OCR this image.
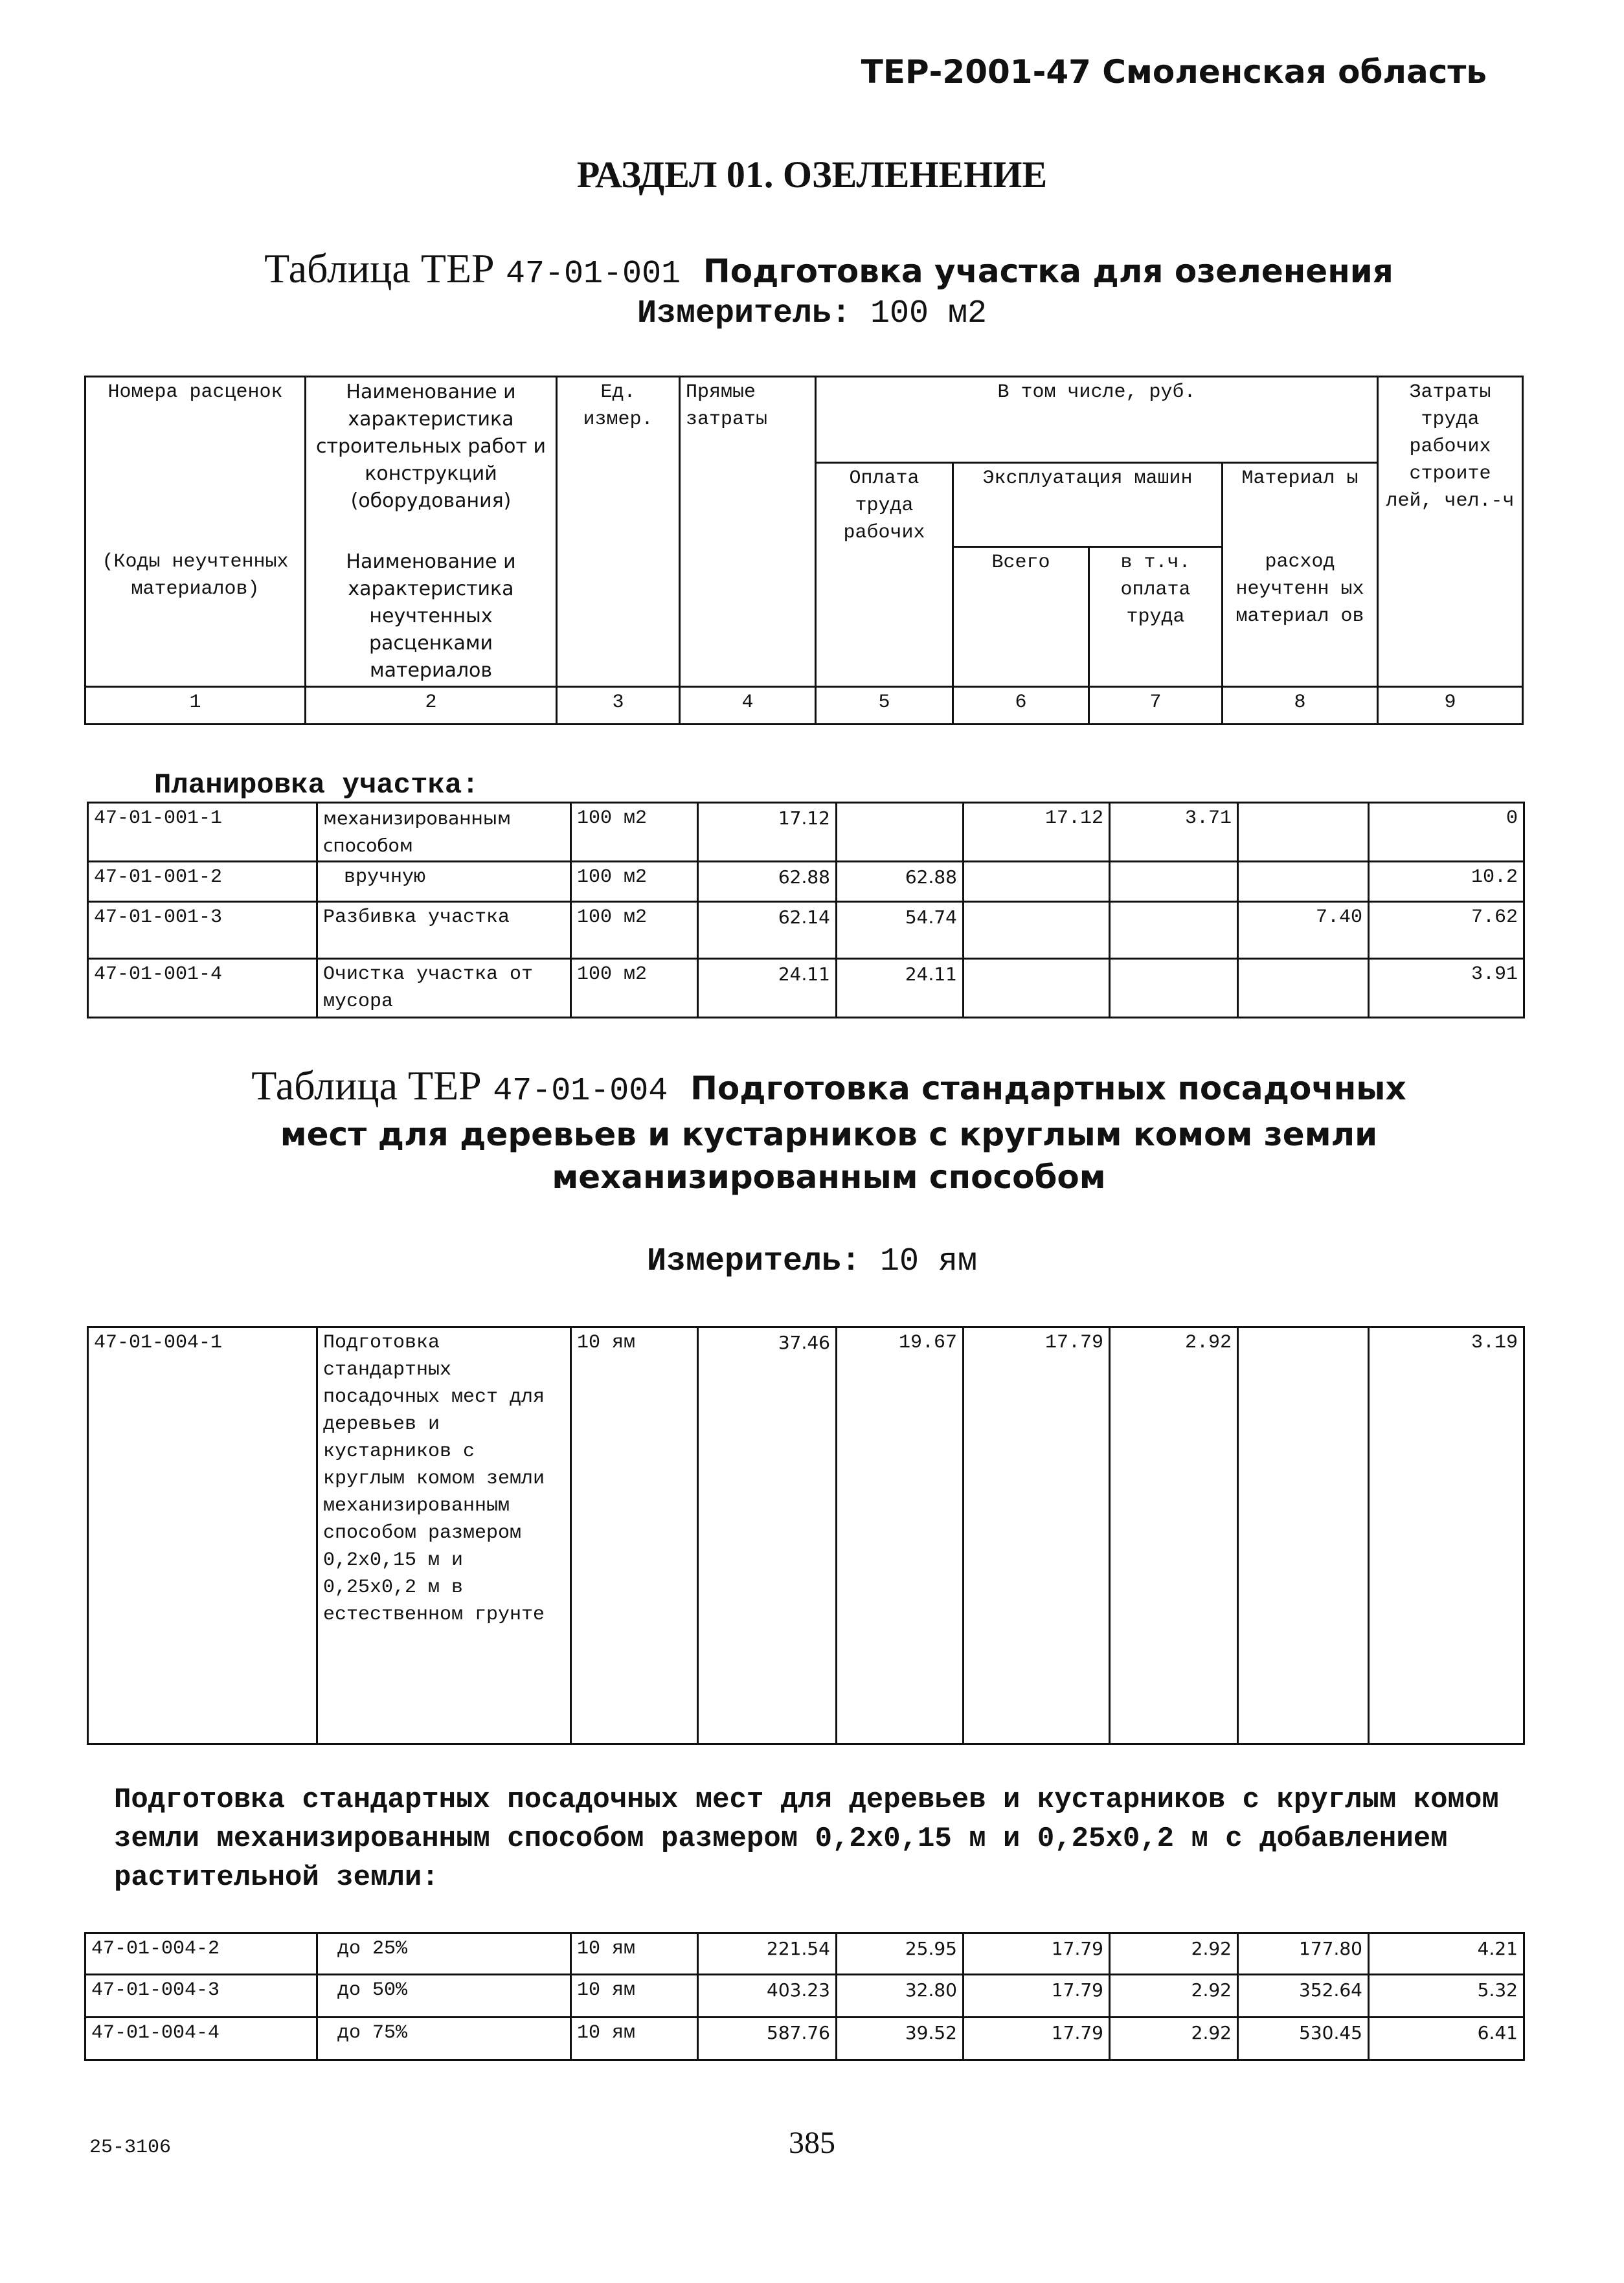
ТЕР-2001-47 Смоленская область
РАЗДЕЛ 01. ОЗЕЛЕНЕНИЕ
Таблица ТЕР 47-01-001 Подготовка участка для озеленения
Измеритель: 100 м2
Номера расценок	Наименование и характеристика строительных работ и конструкций (оборудования)	Ед. измер.	Прямые затраты	В том числе, руб.				Затраты труда рабочих строите лей, чел.-ч
				Оплата труда рабочих	Эксплуатация машин		Материал ы	
(Коды неучтенных материалов)	Наименование и характеристика неучтенных расценками материалов				Всего	в т.ч. оплата труда	расход неучтенн ых материал ов	

1	2	3	4	5	6	7	8	9
Планировка участка:
47-01-001-1	механизированным способом	100 м2	17.12		17.12	3.71		0
47-01-001-2	вручную	100 м2	62.88	62.88				10.2
47-01-001-3	Разбивка участка	100 м2	62.14	54.74			7.40	7.62
47-01-001-4	Очистка участка от мусора	100 м2	24.11	24.11				3.91
Таблица ТЕР 47-01-004 Подготовка стандартных посадочных
мест для деревьев и кустарников с круглым комом земли
механизированным способом
Измеритель: 10 ям
47-01-004-1	Подготовка стандартных посадочных мест для деревьев и кустарников с круглым комом земли механизированным способом размером 0,2x0,15 м и 0,25x0,2 м в естественном грунте	10 ям	37.46	19.67	17.79	2.92		3.19
Подготовка стандартных посадочных мест для деревьев и кустарников с круглым комом земли механизированным способом размером 0,2x0,15 м и 0,25x0,2 м с добавлением растительной земли:
47-01-004-2	до 25%	10 ям	221.54	25.95	17.79	2.92	177.80	4.21
47-01-004-3	до 50%	10 ям	403.23	32.80	17.79	2.92	352.64	5.32
47-01-004-4	до 75%	10 ям	587.76	39.52	17.79	2.92	530.45	6.41
25-3106	385
